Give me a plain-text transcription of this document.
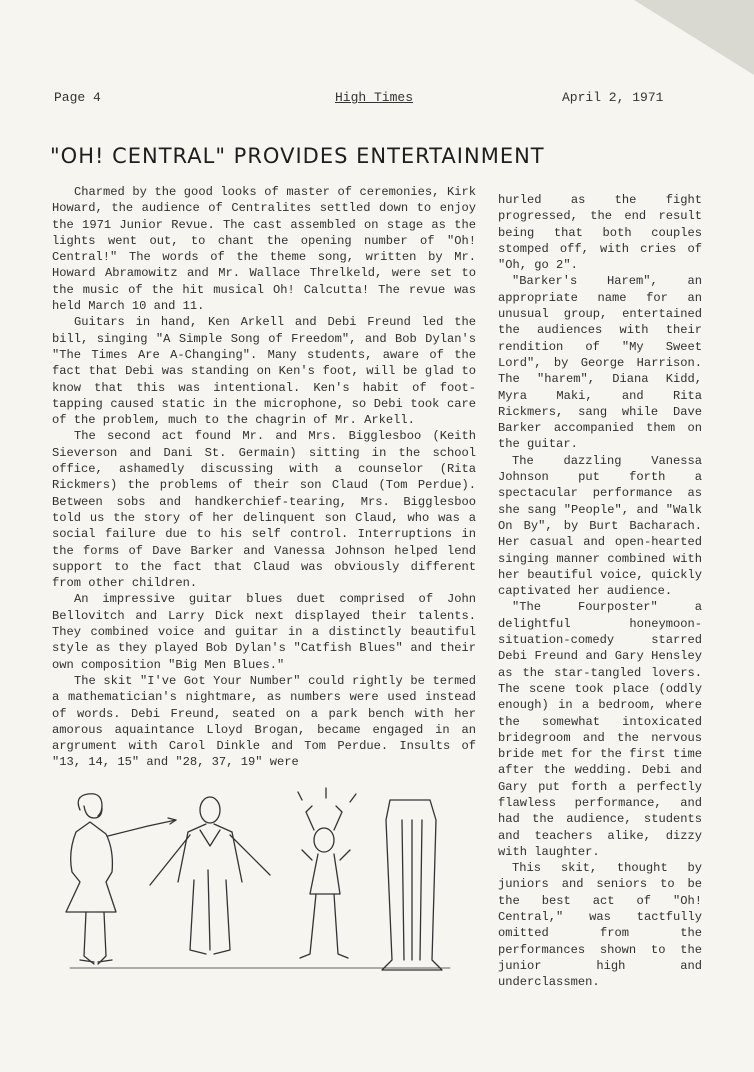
Page 4	High Times	April 2, 1971
"OH! CENTRAL" PROVIDES ENTERTAINMENT

Charmed by the good looks of master of ceremonies, Kirk Howard, the audience of Centralites settled down to enjoy the 1971 Junior Revue. The cast assembled on stage as the lights went out, to chant the opening number of "Oh! Central!" The words of the theme song, written by Mr. Howard Abramowitz and Mr. Wallace Threlkeld, were set to the music of the hit musical Oh! Calcutta! The revue was held March 10 and 11.

Guitars in hand, Ken Arkell and Debi Freund led the bill, singing "A Simple Song of Freedom", and Bob Dylan's "The Times Are A-Changing". Many students, aware of the fact that Debi was standing on Ken's foot, will be glad to know that this was intentional. Ken's habit of foot-tapping caused static in the microphone, so Debi took care of the problem, much to the chagrin of Mr. Arkell.

The second act found Mr. and Mrs. Bigglesboo (Keith Sieverson and Dani St. Germain) sitting in the school office, ashamedly discussing with a counselor (Rita Rickmers) the problems of their son Claud (Tom Perdue). Between sobs and handkerchief-tearing, Mrs. Bigglesboo told us the story of her delinquent son Claud, who was a social failure due to his self control. Interruptions in the forms of Dave Barker and Vanessa Johnson helped lend support to the fact that Claud was obviously different from other children.

An impressive guitar blues duet comprised of John Bellovitch and Larry Dick next displayed their talents. They combined voice and guitar in a distinctly beautiful style as they played Bob Dylan's "Catfish Blues" and their own composition "Big Men Blues."

The skit "I've Got Your Number" could rightly be termed a mathematician's nightmare, as numbers were used instead of words. Debi Freund, seated on a park bench with her amorous aquaintance Lloyd Brogan, became engaged in an argrument with Carol Dinkle and Tom Perdue. Insults of "13, 14, 15" and "28, 37, 19" were

hurled as the fight progressed, the end result being that both couples stomped off, with cries of "Oh, go 2".

"Barker's Harem", an appropriate name for an unusual group, entertained the audiences with their rendition of "My Sweet Lord", by George Harrison. The "harem", Diana Kidd, Myra Maki, and Rita Rickmers, sang while Dave Barker accompanied them on the guitar.

The dazzling Vanessa Johnson put forth a spectacular performance as she sang "People", and "Walk On By", by Burt Bacharach. Her casual and open-hearted singing manner combined with her beautiful voice, quickly captivated her audience.

"The Fourposter" a delightful honeymoon-situation-comedy starred Debi Freund and Gary Hensley as the star-tangled lovers. The scene took place (oddly enough) in a bedroom, where the somewhat intoxicated bridegroom and the nervous bride met for the first time after the wedding. Debi and Gary put forth a perfectly flawless performance, and had the audience, students and teachers alike, dizzy with laughter.

This skit, thought by juniors and seniors to be the best act of "Oh! Central," was tactfully omitted from the performances shown to the junior high and underclassmen.
